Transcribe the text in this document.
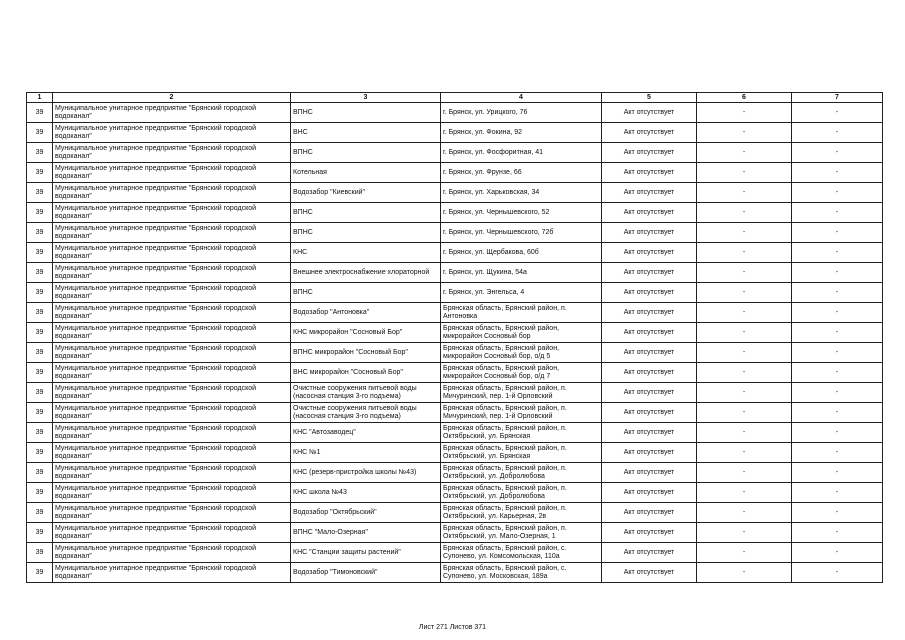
1	2	3	4	5	6	7
39	Муниципальное унитарное предприятие "Брянский городской водоканал"	ВПНС	г. Брянск, ул. Урицкого, 76	Акт отсутствует	-	-
39	Муниципальное унитарное предприятие "Брянский городской водоканал"	ВНС	г. Брянск, ул. Фокина, 92	Акт отсутствует	-	-
39	Муниципальное унитарное предприятие "Брянский городской водоканал"	ВПНС	г. Брянск, ул. Фосфоритная, 41	Акт отсутствует	-	-
39	Муниципальное унитарное предприятие "Брянский городской водоканал"	Котельная	г. Брянск, ул. Фрунзе, 66	Акт отсутствует	-	-
39	Муниципальное унитарное предприятие "Брянский городской водоканал"	Водозабор "Киевский"	г. Брянск, ул. Харьковская, 34	Акт отсутствует	-	-
39	Муниципальное унитарное предприятие "Брянский городской водоканал"	ВПНС	г. Брянск, ул. Чернышевского, 52	Акт отсутствует	-	-
39	Муниципальное унитарное предприятие "Брянский городской водоканал"	ВПНС	г. Брянск, ул. Чернышевского, 72б	Акт отсутствует	-	-
39	Муниципальное унитарное предприятие "Брянский городской водоканал"	КНС	г. Брянск, ул. Щербакова, 60б	Акт отсутствует	-	-
39	Муниципальное унитарное предприятие "Брянский городской водоканал"	Внешнее электроснабжение хлораторной	г. Брянск, ул. Щукина, 54а	Акт отсутствует	-	-
39	Муниципальное унитарное предприятие "Брянский городской водоканал"	ВПНС	г. Брянск, ул. Энгельса, 4	Акт отсутствует	-	-
39	Муниципальное унитарное предприятие "Брянский городской водоканал"	Водозабор "Антоновка"	Брянская область, Брянский район, п. Антоновка	Акт отсутствует	-	-
39	Муниципальное унитарное предприятие "Брянский городской водоканал"	КНС микрорайон "Сосновый Бор"	Брянская область, Брянский район, микрорайон Сосновый бор	Акт отсутствует	-	-
39	Муниципальное унитарное предприятие "Брянский городской водоканал"	ВПНС микрорайон "Сосновый Бор"	Брянская область, Брянский район, микрорайон Сосновый бор, о/д 5	Акт отсутствует	-	-
39	Муниципальное унитарное предприятие "Брянский городской водоканал"	ВНС микрорайон "Сосновый Бор"	Брянская область, Брянский район, микрорайон Сосновый бор, о/д 7	Акт отсутствует	-	-
39	Муниципальное унитарное предприятие "Брянский городской водоканал"	Очистные сооружения питьевой воды (насосная станция 3-го подъема)	Брянская область, Брянский район, п. Мичуринский, пер. 1-й Орловский	Акт отсутствует	-	-
39	Муниципальное унитарное предприятие "Брянский городской водоканал"	Очистные сооружения питьевой воды (насосная станция 3-го подъема)	Брянская область, Брянский район, п. Мичуринский, пер. 1-й Орловский	Акт отсутствует	-	-
39	Муниципальное унитарное предприятие "Брянский городской водоканал"	КНС "Автозаводец"	Брянская область, Брянский район, п. Октябрьский, ул. Брянская	Акт отсутствует	-	-
39	Муниципальное унитарное предприятие "Брянский городской водоканал"	КНС №1	Брянская область, Брянский район, п. Октябрьский, ул. Брянская	Акт отсутствует	-	-
39	Муниципальное унитарное предприятие "Брянский городской водоканал"	КНС (резерв-пристройка школы №43)	Брянская область, Брянский район, п. Октябрьский, ул. Добролюбова	Акт отсутствует	-	-
39	Муниципальное унитарное предприятие "Брянский городской водоканал"	КНС школа №43	Брянская область, Брянский район, п. Октябрьский, ул. Добролюбова	Акт отсутствует	-	-
39	Муниципальное унитарное предприятие "Брянский городской водоканал"	Водозабор "Октябрьский"	Брянская область, Брянский район, п. Октябрьский, ул. Карьерная, 2в	Акт отсутствует	-	-
39	Муниципальное унитарное предприятие "Брянский городской водоканал"	ВПНС "Мало-Озерная"	Брянская область, Брянский район, п. Октябрьский, ул. Мало-Озерная, 1	Акт отсутствует	-	-
39	Муниципальное унитарное предприятие "Брянский городской водоканал"	КНС "Станции защиты растений"	Брянская область, Брянский район, с. Супонево, ул. Комсомольская, 110а	Акт отсутствует	-	-
39	Муниципальное унитарное предприятие "Брянский городской водоканал"	Водозабор "Тимоновский"	Брянская область, Брянский район, с. Супонево, ул. Московская, 189а	Акт отсутствует	-	-
Лист 271 Листов 371
